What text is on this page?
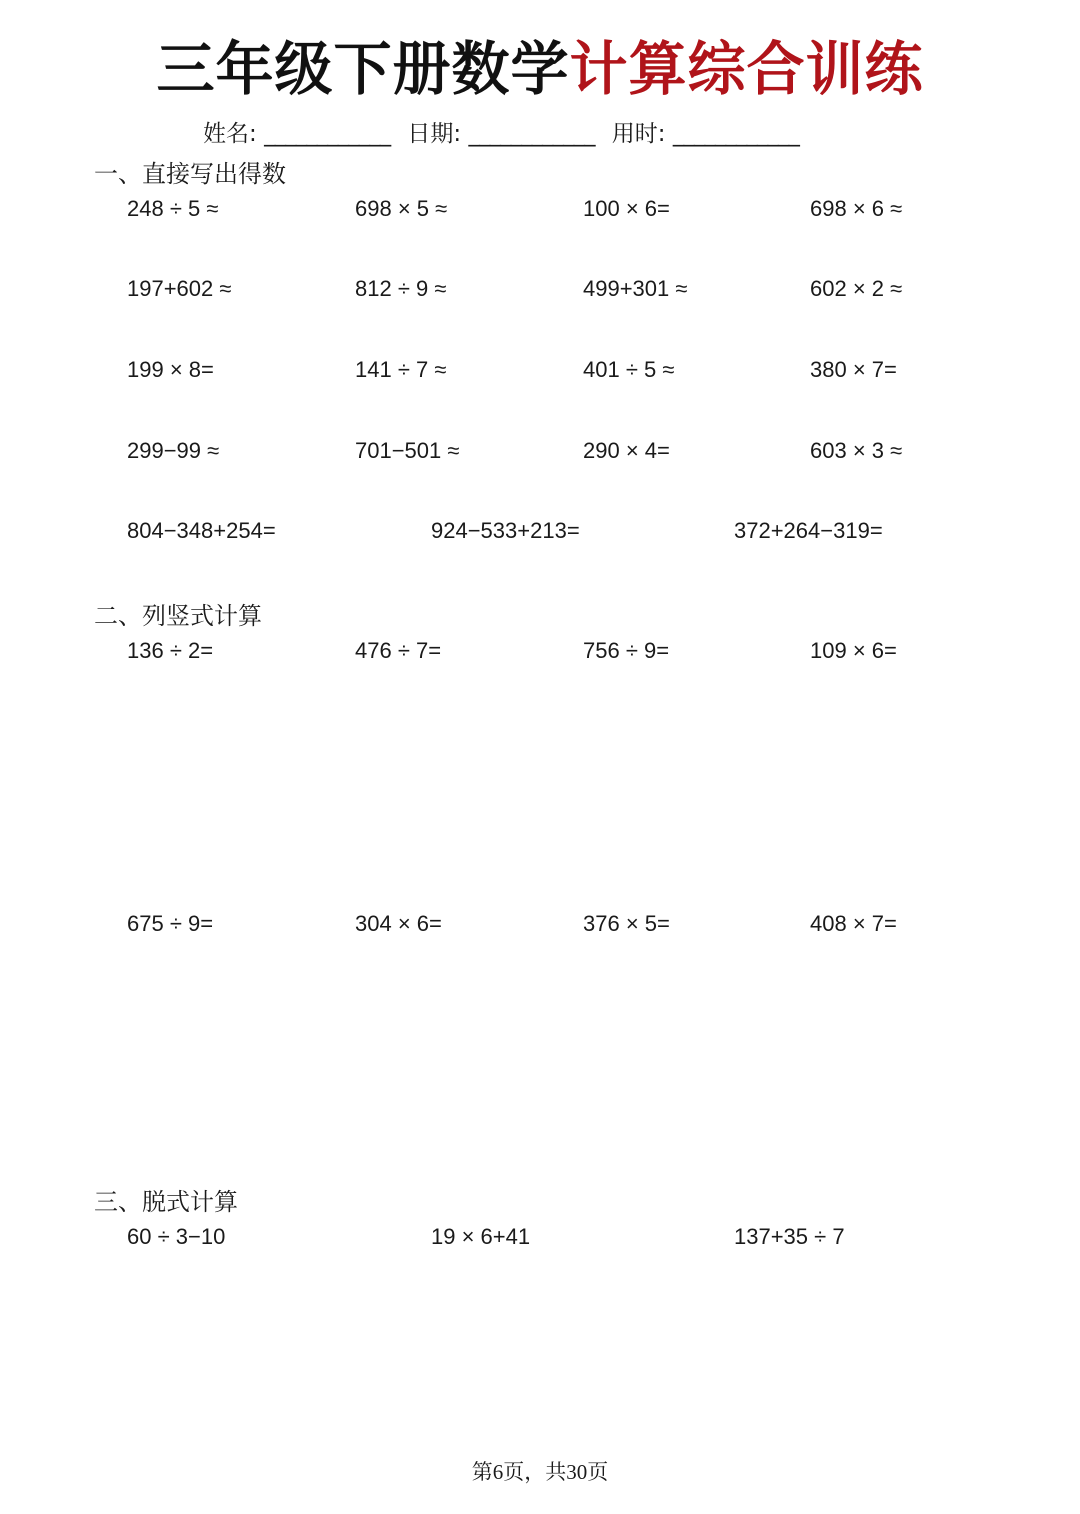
三年级下册数学计算综合训练
姓名: ____________ 日期: ____________ 用时: ____________
一、直接写出得数
248 ÷ 5 ≈	698 × 5 ≈	100 × 6=	698 × 6 ≈
197+602 ≈	812 ÷ 9 ≈	499+301 ≈	602 × 2 ≈
199 × 8=	141 ÷ 7 ≈	401 ÷ 5 ≈	380 × 7=
299−99 ≈	701−501 ≈	290 × 4=	603 × 3 ≈
804−348+254=	924−533+213=	372+264−319=
二、列竖式计算
136 ÷ 2=	476 ÷ 7=	756 ÷ 9=	109 × 6=
675 ÷ 9=	304 × 6=	376 × 5=	408 × 7=
三、脱式计算
60 ÷ 3−10	19 × 6+41	137+35 ÷ 7
第6页，共30页
